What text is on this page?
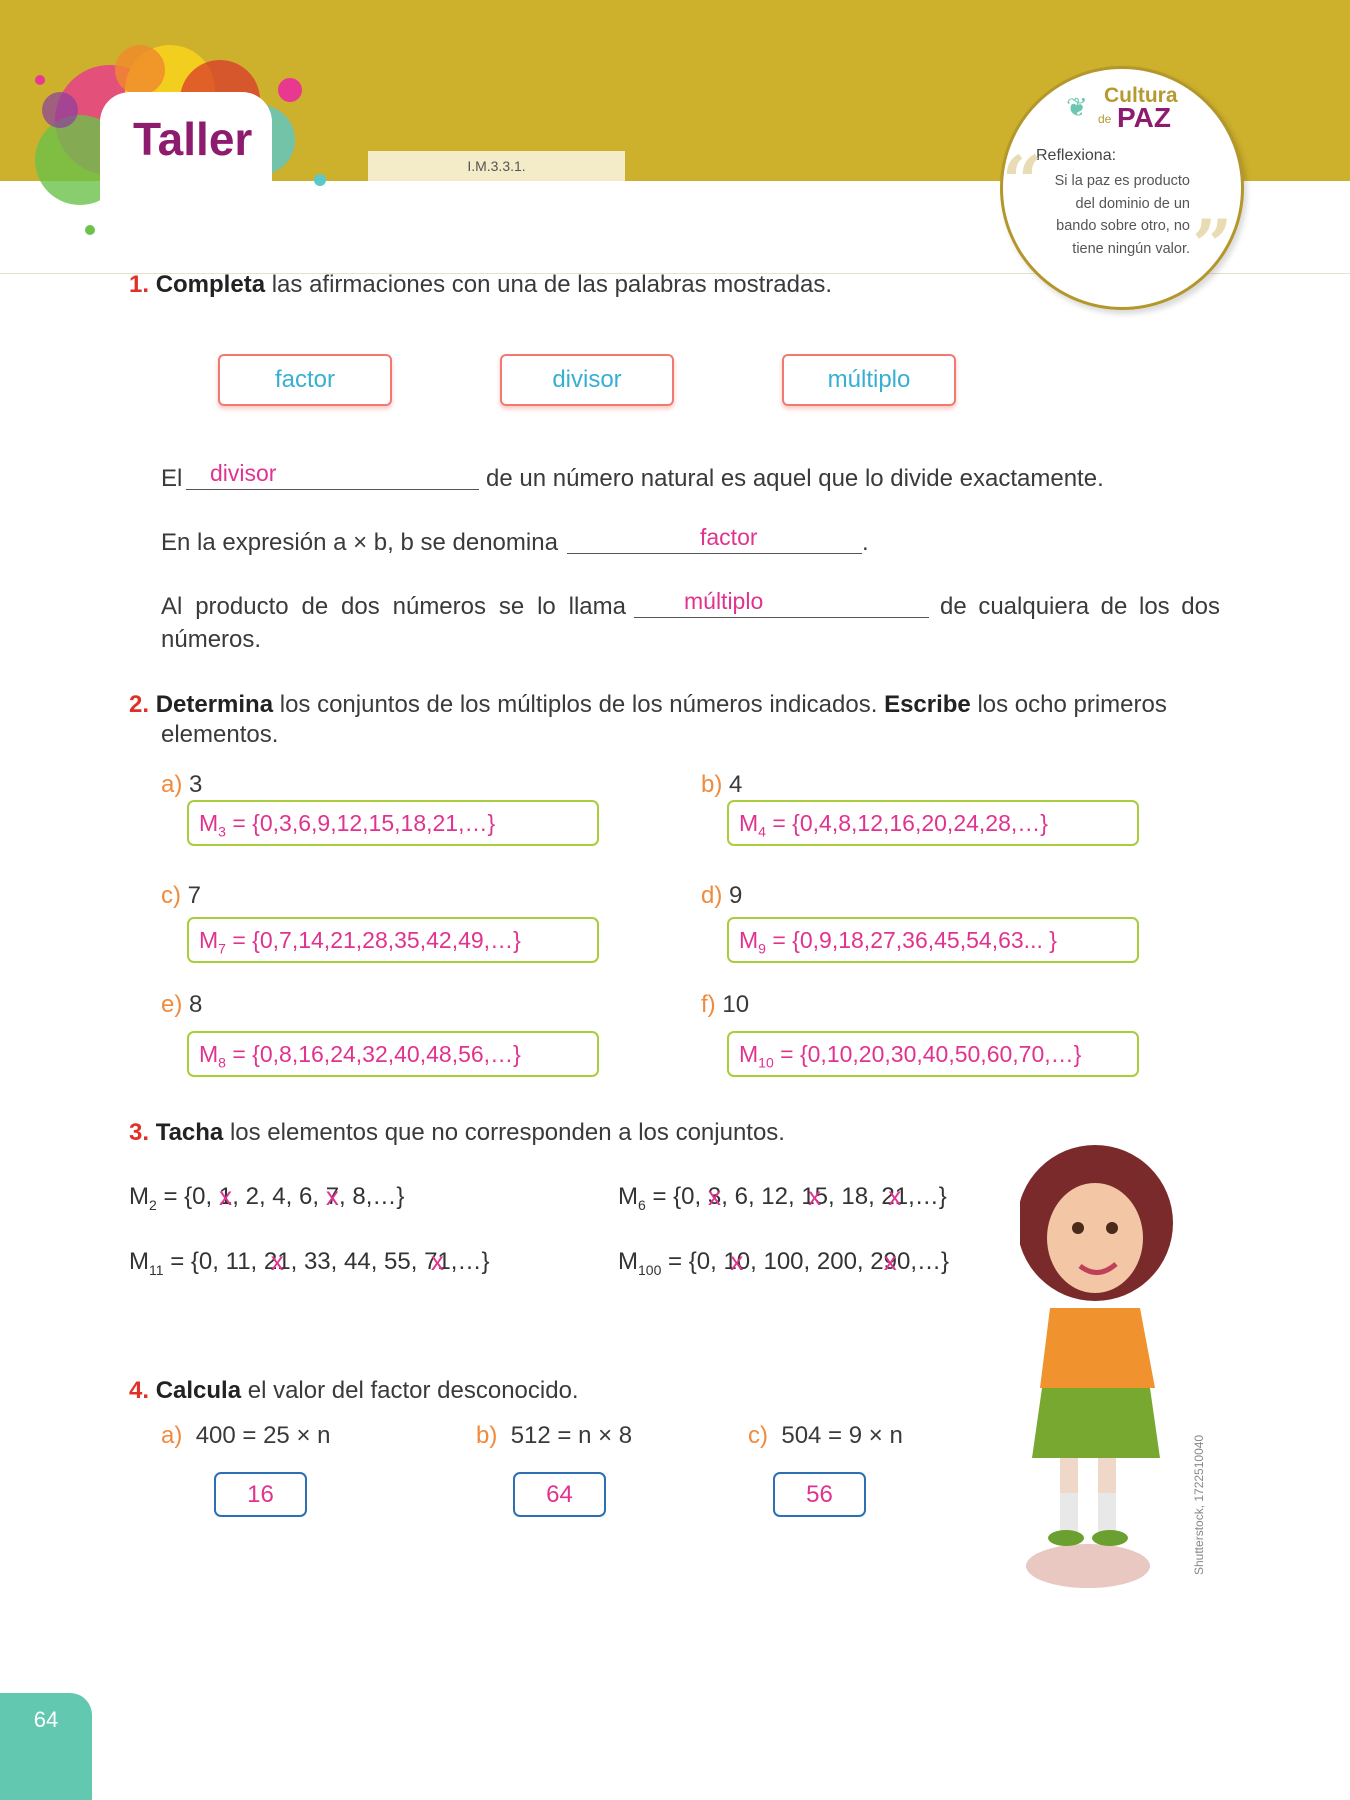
Taller
I.M.3.3.1.
❦ Cultura
de PAZ
Reflexiona:
“
”
Si la paz es producto
del dominio de un
bando sobre otro, no
tiene ningún valor.
1. Completa las afirmaciones con una de las palabras mostradas.
factor	divisor	múltiplo
El	divisor	de un número natural es aquel que lo divide exactamente.
En la expresión a × b, b se denomina	factor	.
Al producto de dos números se lo llama	múltiplo	de cualquiera de los dos
números.
2. Determina los conjuntos de los múltiplos de los números indicados. Escribe los ocho primeros
elementos.
a) 3
$M_3$ = {0,3,6,9,12,15,18,21,…}
b) 4
$M_4$ = {0,4,8,12,16,20,24,28,…}
c) 7
$M_7$ = {0,7,14,21,28,35,42,49,…}
d) 9
$M_9 = \{0,9,18,27,36,45,54,63$... }
e) 8
$M_8$ = {0,8,16,24,32,40,48,56,…}
f) 10
$M_{10}$ = {0,10,20,30,40,50,60,70,…}
3. Tacha los elementos que no corresponden a los conjuntos.
$M_2 = \{0$, 1 x, 2, 4, 6, 7 x, 8,…}	$M_6 = \{0$, 3 x, 6, 12, 15 x, 18, 21 x,…}
$M_{11} = \{0$, 11, 21 x, 33, 44, 55, 71 x,…}	$M_{100} = \{0$, 10 x, 100, 200, 290 x,…}
4. Calcula el valor del factor desconocido.
a) 400 = 25 × n
16
b) 512 = n × 8
64
c) 504 = 9 × n
56	Shutterstock, 1722510040
64
